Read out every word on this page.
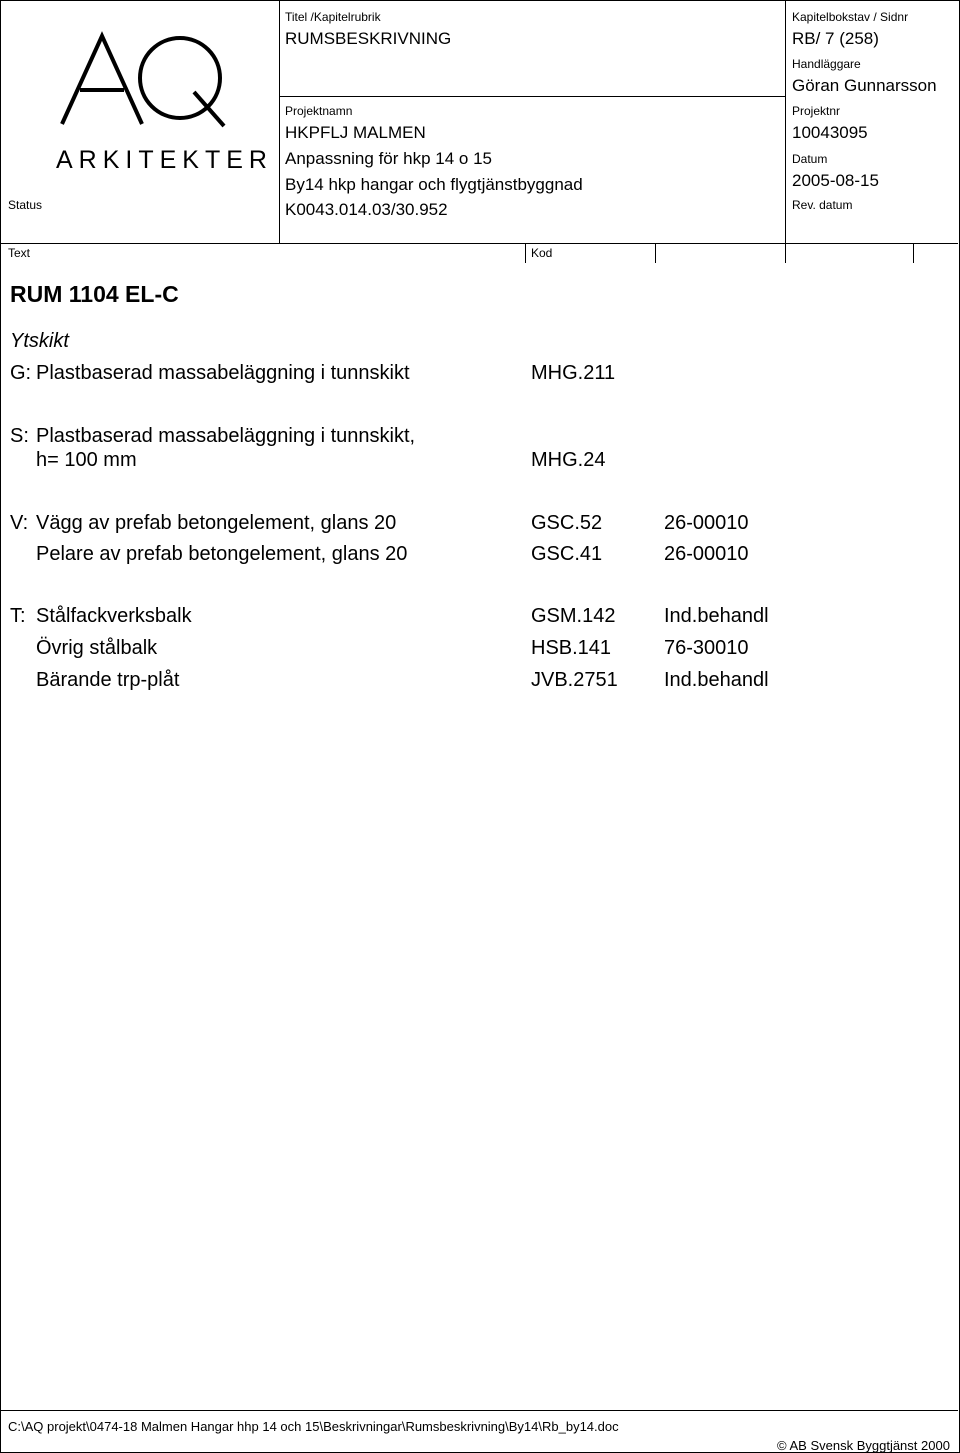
ARKITEKTER
Status
Titel /Kapitelrubrik
RUMSBESKRIVNING
Projektnamn
HKPFLJ MALMEN
Anpassning för hkp 14 o 15
By14 hkp hangar och flygtjänstbyggnad
K0043.014.03/30.952
Kapitelbokstav / Sidnr
RB/ 7 (258)
Handläggare
Göran Gunnarsson
Projektnr
10043095
Datum
2005-08-15
Rev. datum
Text	Kod
RUM 1104 EL-C
Ytskikt
G: Plastbaserad massabeläggning i tunnskikt	MHG.211
S: Plastbaserad massabeläggning i tunnskikt,
h= 100 mm	MHG.24
V: Vägg av prefab betongelement, glans 20	GSC.52	26-00010
Pelare av prefab betongelement, glans 20	GSC.41	26-00010
T: Stålfackverksbalk	GSM.142 Ind.behandl
Övrig stålbalk	HSB.141	76-30010
Bärande trp-plåt	JVB.2751 Ind.behandl
C:\AQ projekt\0474-18 Malmen Hangar hhp 14 och 15\Beskrivningar\Rumsbeskrivning\By14\Rb_by14.doc
© AB Svensk Byggtjänst 2000
